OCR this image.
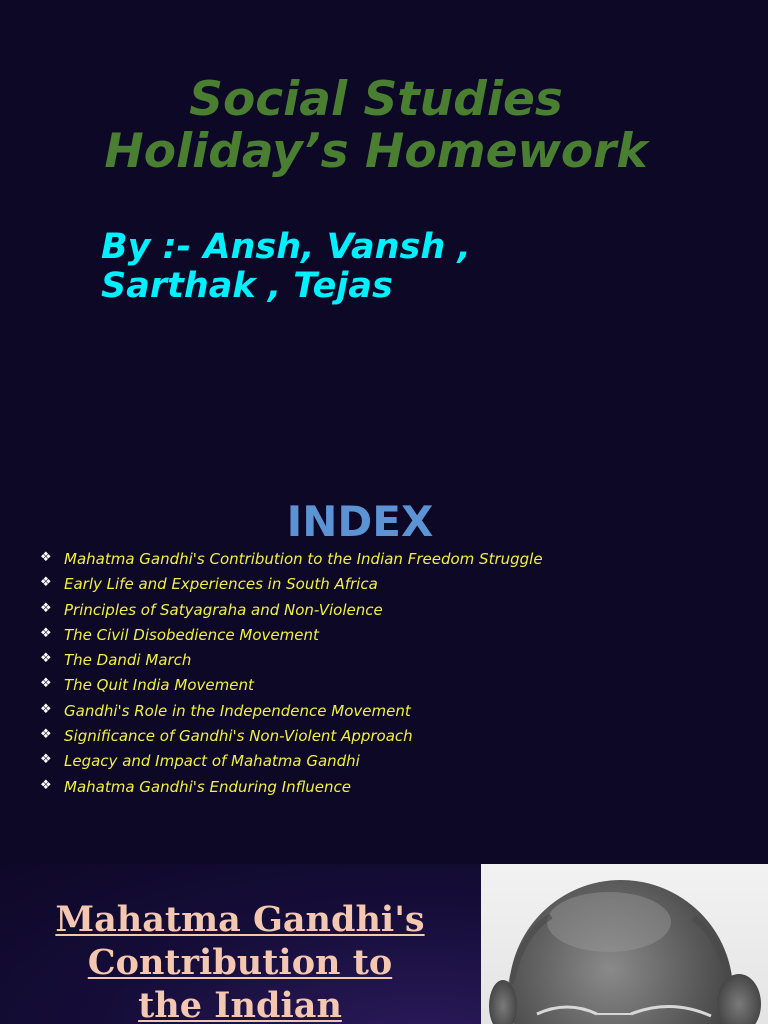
Social Studies
Holiday’s Homework
By :- Ansh, Vansh ,
Sarthak , Tejas
INDEX
❖ Mahatma Gandhi's Contribution to the Indian Freedom Struggle
❖ Early Life and Experiences in South Africa
❖ Principles of Satyagraha and Non-Violence
❖ The Civil Disobedience Movement
❖ The Dandi March
❖ The Quit India Movement
❖ Gandhi's Role in the Independence Movement
❖ Significance of Gandhi's Non-Violent Approach
❖ Legacy and Impact of Mahatma Gandhi
❖ Mahatma Gandhi's Enduring Influence
Mahatma Gandhi's
Contribution to
the Indian
